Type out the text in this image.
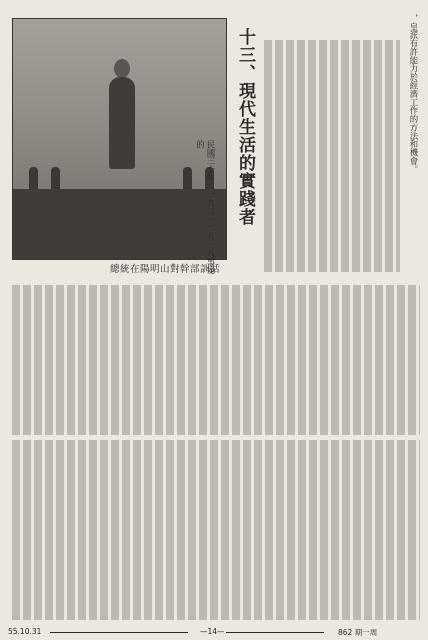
總統在陽明山對幹部訓話
，皇派有許能力於經濟工作的方法和機會。
十三、現代生活的實踐者
民國三十年（一九三一）九一八事變的
55.10.31	—14—	862 期一周
